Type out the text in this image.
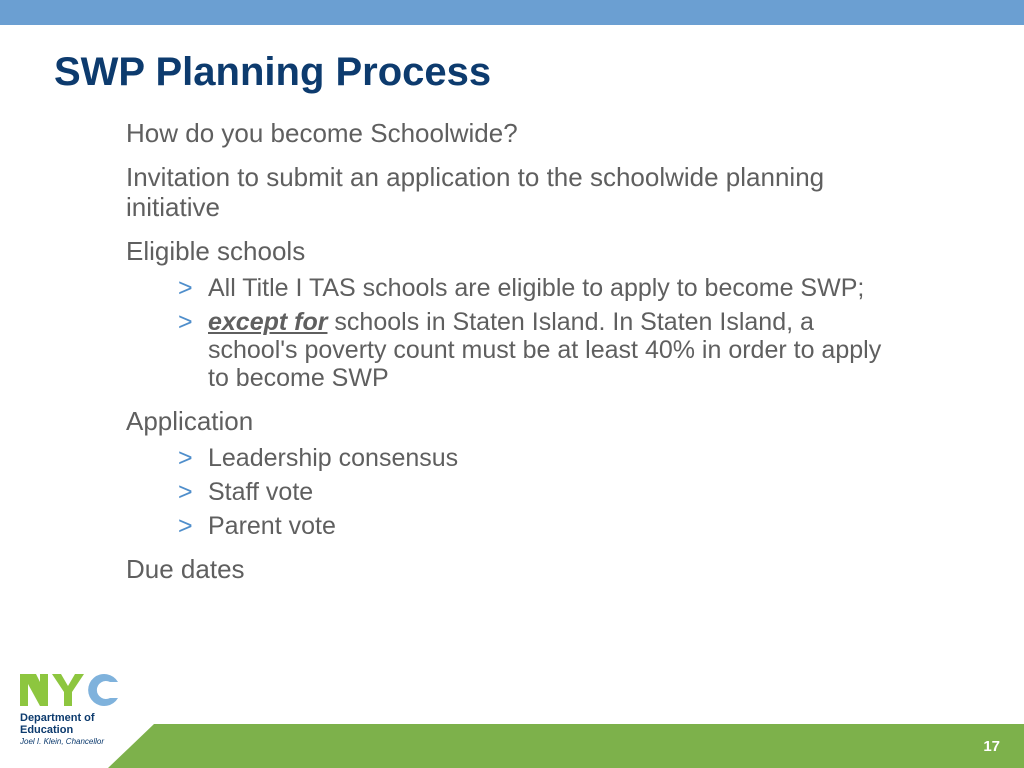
SWP Planning Process

How do you become Schoolwide?

Invitation to submit an application to the schoolwide planning initiative

Eligible schools

> All Title I TAS schools are eligible to apply to become SWP;
> except for schools in Staten Island. In Staten Island, a school's poverty count must be at least 40% in order to apply to become SWP

Application

> Leadership consensus
> Staff vote
> Parent vote

Due dates

17
Department of
Education
Joel I. Klein, Chancellor
